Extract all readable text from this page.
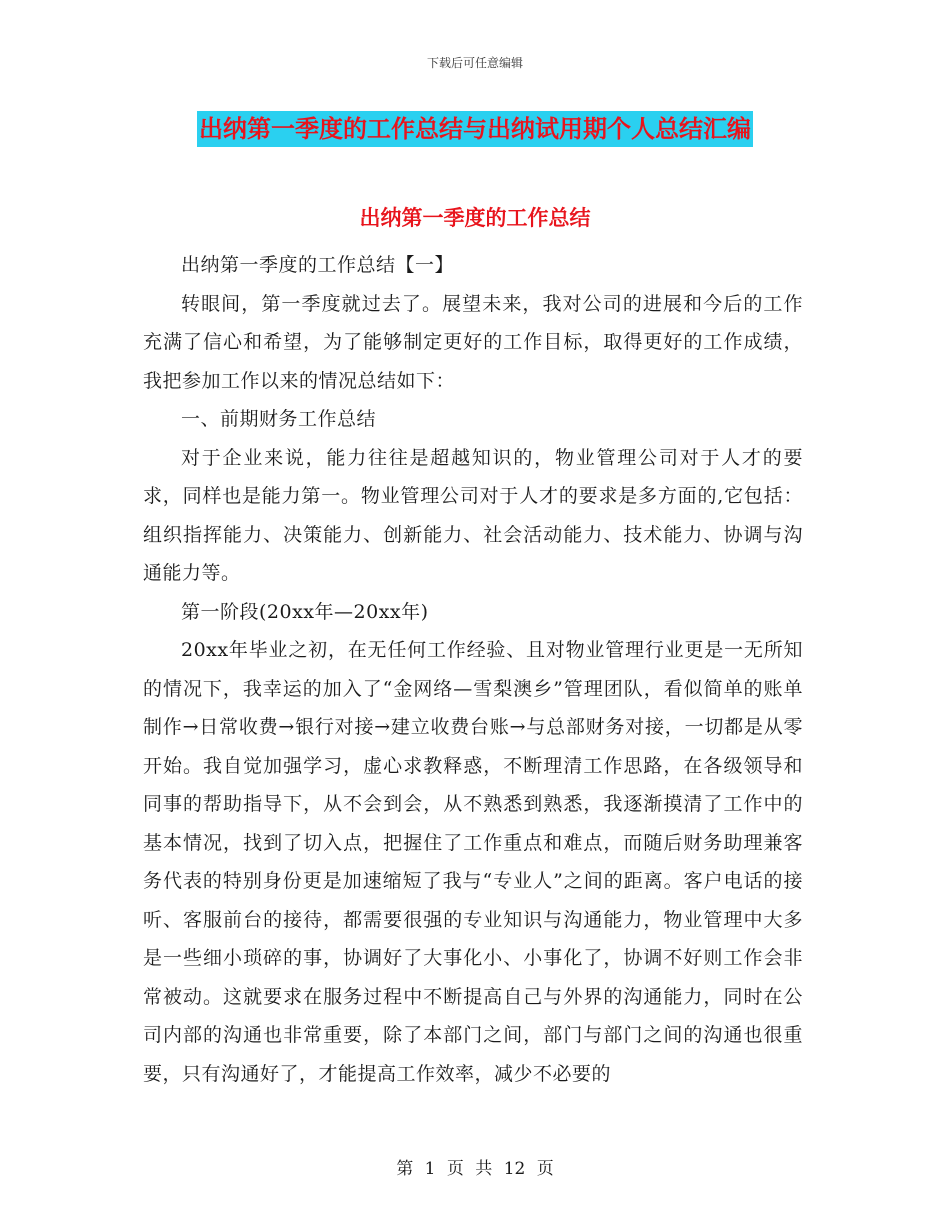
下载后可任意编辑
出纳第一季度的工作总结与出纳试用期个人总结汇编
出纳第一季度的工作总结

出纳第一季度的工作总结【一】

转眼间，第一季度就过去了。展望未来，我对公司的进展和今后的工作充满了信心和希望，为了能够制定更好的工作目标，取得更好的工作成绩，我把参加工作以来的情况总结如下：

一、前期财务工作总结

对于企业来说，能力往往是超越知识的，物业管理公司对于人才的要求，同样也是能力第一。物业管理公司对于人才的要求是多方面的,它包括：组织指挥能力、决策能力、创新能力、社会活动能力、技术能力、协调与沟通能力等。

第一阶段(20xx年—20xx年)

20xx年毕业之初，在无任何工作经验、且对物业管理行业更是一无所知的情况下，我幸运的加入了“金网络—雪梨澳乡”管理团队，看似简单的账单制作→日常收费→银行对接→建立收费台账→与总部财务对接，一切都是从零开始。我自觉加强学习，虚心求教释惑，不断理清工作思路，在各级领导和同事的帮助指导下，从不会到会，从不熟悉到熟悉，我逐渐摸清了工作中的基本情况，找到了切入点，把握住了工作重点和难点，而随后财务助理兼客务代表的特别身份更是加速缩短了我与“专业人”之间的距离。客户电话的接听、客服前台的接待，都需要很强的专业知识与沟通能力，物业管理中大多是一些细小琐碎的事，协调好了大事化小、小事化了，协调不好则工作会非常被动。这就要求在服务过程中不断提高自己与外界的沟通能力，同时在公司内部的沟通也非常重要，除了本部门之间，部门与部门之间的沟通也很重要，只有沟通好了，才能提高工作效率，减少不必要的

第 1 页 共 12 页
